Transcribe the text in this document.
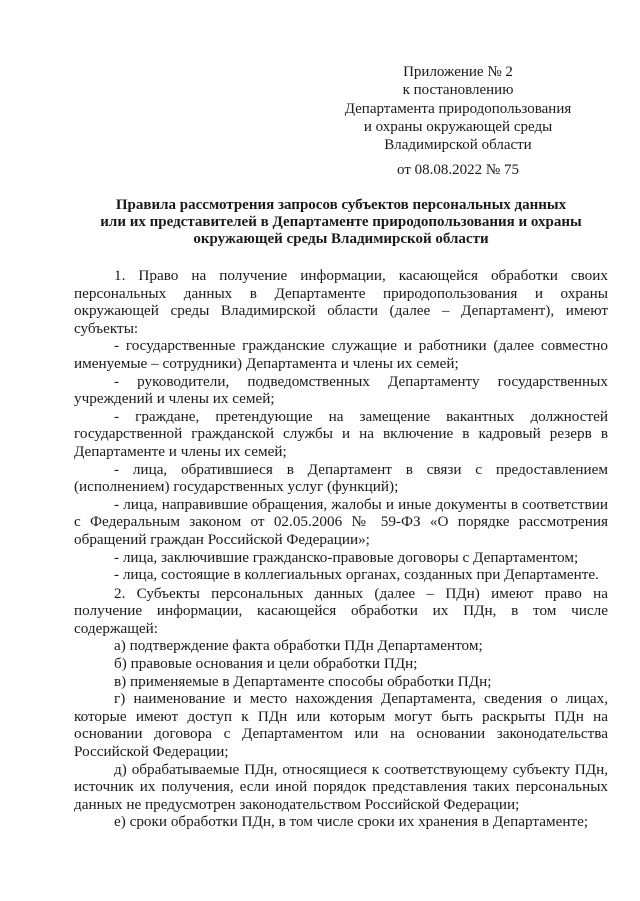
Приложение № 2
к постановлению
Департамента природопользования
и охраны окружающей среды
Владимирской области
от 08.08.2022 № 75
Правила рассмотрения запросов субъектов персональных данных
или их представителей в Департаменте природопользования и охраны
окружающей среды Владимирской области

1. Право на получение информации, касающейся обработки своих персональных данных в Департаменте природопользования и охраны окружающей среды Владимирской области (далее – Департамент), имеют субъекты:

- государственные гражданские служащие и работники (далее совместно именуемые – сотрудники) Департамента и члены их семей;

- руководители, подведомственных Департаменту государственных учреждений и члены их семей;

- граждане, претендующие на замещение вакантных должностей государственной гражданской службы и на включение в кадровый резерв в Департаменте и члены их семей;

- лица, обратившиеся в Департамент в связи с предоставлением (исполнением) государственных услуг (функций);

- лица, направившие обращения, жалобы и иные документы в соответствии с Федеральным законом от 02.05.2006 № 59-ФЗ «О порядке рассмотрения обращений граждан Российской Федерации»;

- лица, заключившие гражданско-правовые договоры с Департаментом;

- лица, состоящие в коллегиальных органах, созданных при Департаменте.

2. Субъекты персональных данных (далее – ПДн) имеют право на получение информации, касающейся обработки их ПДн, в том числе содержащей:

а) подтверждение факта обработки ПДн Департаментом;

б) правовые основания и цели обработки ПДн;

в) применяемые в Департаменте способы обработки ПДн;

г) наименование и место нахождения Департамента, сведения о лицах, которые имеют доступ к ПДн или которым могут быть раскрыты ПДн на основании договора с Департаментом или на основании законодательства Российской Федерации;

д) обрабатываемые ПДн, относящиеся к соответствующему субъекту ПДн, источник их получения, если иной порядок представления таких персональных данных не предусмотрен законодательством Российской Федерации;

е) сроки обработки ПДн, в том числе сроки их хранения в Департаменте;
